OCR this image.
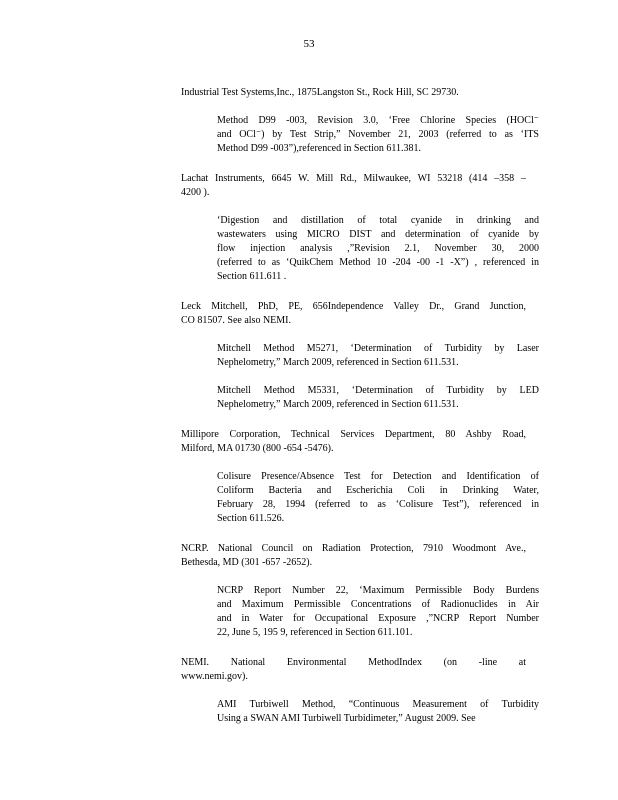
53
Industrial Test Systems,Inc., 1875Langston St., Rock Hill, SC 29730.
Method D99 -003, Revision 3.0, ‘Free Chlorine Species (HOCl⁻
and OCl⁻) by Test Strip,” November 21, 2003 (referred to as ‘ITS
Method D99 -003”),referenced in Section 611.381.
Lachat Instruments, 6645 W. Mill Rd., Milwaukee, WI 53218 (414 –358 –
4200 ).
‘Digestion and distillation of total cyanide in drinking and
wastewaters using MICRO DIST and determination of cyanide by
flow injection analysis ,”Revision 2.1, November 30, 2000
(referred to as ‘QuikChem Method 10 -204 -00 -1 -X”) , referenced in
Section 611.611 .
Leck Mitchell, PhD, PE, 656Independence Valley Dr., Grand Junction,
CO 81507. See also NEMI.
Mitchell Method M5271, ‘Determination of Turbidity by Laser
Nephelometry,” March 2009, referenced in Section 611.531.
Mitchell Method M5331, ‘Determination of Turbidity by LED
Nephelometry,” March 2009, referenced in Section 611.531.
Millipore Corporation, Technical Services Department, 80 Ashby Road,
Milford, MA 01730 (800 -654 -5476).
Colisure Presence/Absence Test for Detection and Identification of
Coliform Bacteria and Escherichia Coli in Drinking Water,
February 28, 1994 (referred to as ‘Colisure Test”), referenced in
Section 611.526.
NCRP. National Council on Radiation Protection, 7910 Woodmont Ave.,
Bethesda, MD (301 -657 -2652).
NCRP Report Number 22, ‘Maximum Permissible Body Burdens
and Maximum Permissible Concentrations of Radionuclides in Air
and in Water for Occupational Exposure ,”NCRP Report Number
22, June 5, 195 9, referenced in Section 611.101.
NEMI. National Environmental MethodIndex (on -line at
www.nemi.gov).
AMI Turbiwell Method, “Continuous Measurement of Turbidity
Using a SWAN AMI Turbiwell Turbidimeter,” August 2009. See
